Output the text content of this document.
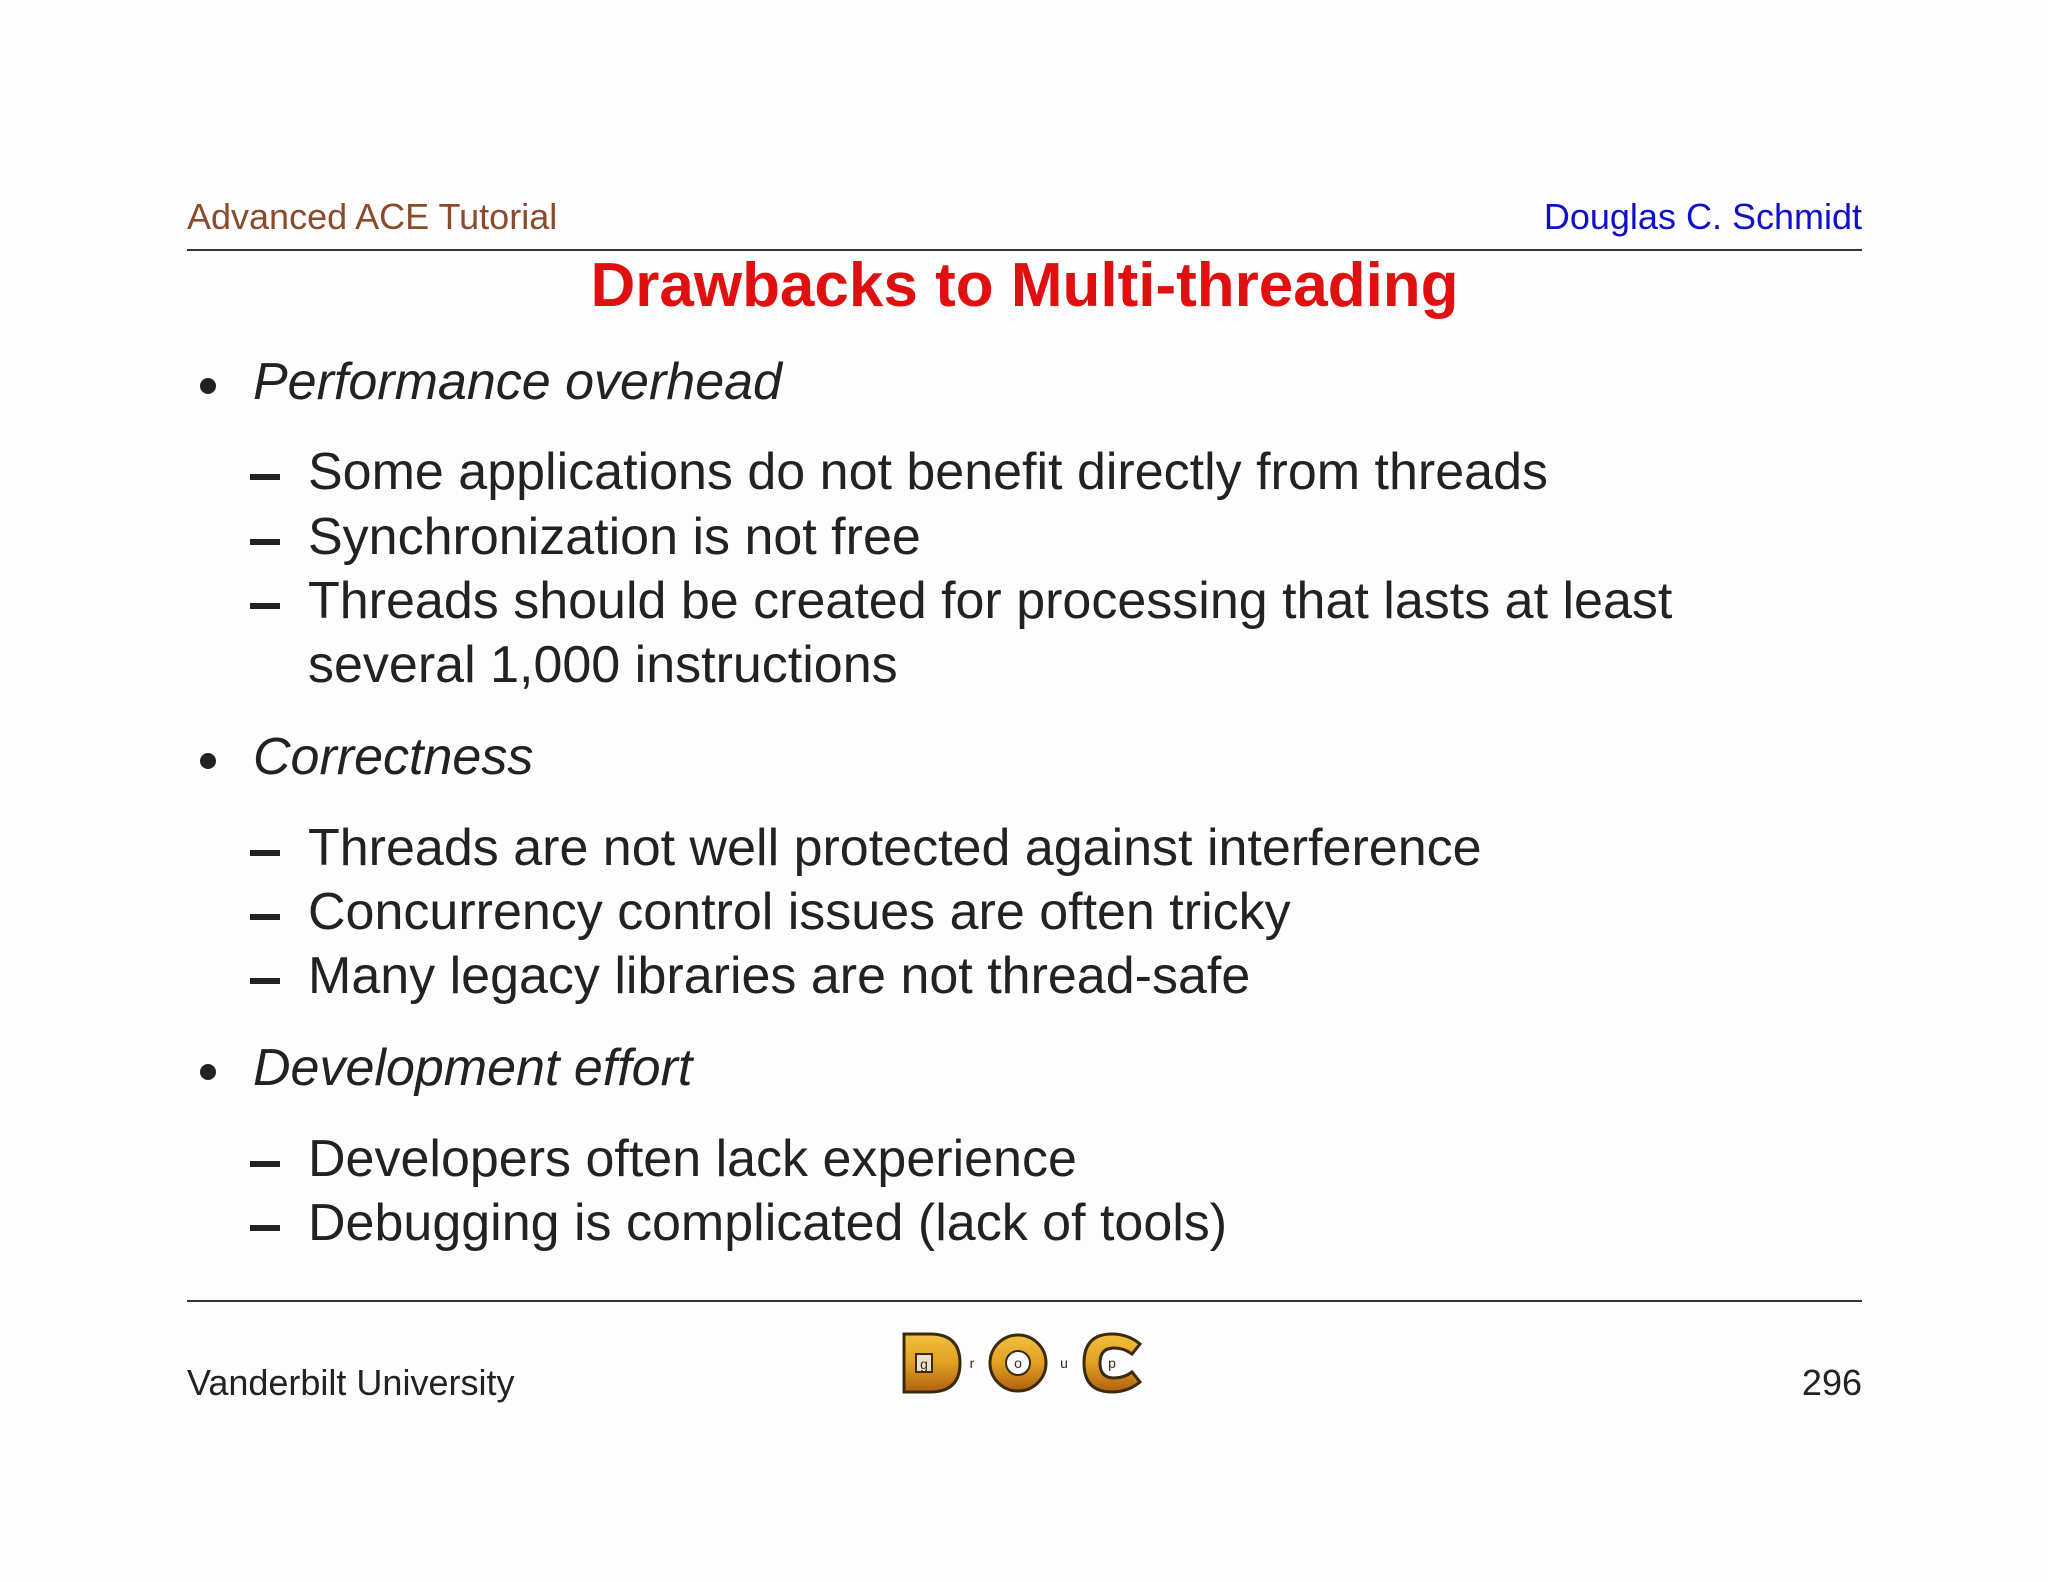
Advanced ACE Tutorial	Douglas C. Schmidt
Drawbacks to Multi-threading
Performance overhead
Some applications do not benefit directly from threads
Synchronization is not free
Threads should be created for processing that lasts at least
several 1,000 instructions
Correctness
Threads are not well protected against interference
Concurrency control issues are often tricky
Many legacy libraries are not thread-safe
Development effort
Developers often lack experience
Debugging is complicated (lack of tools)
Vanderbilt University	296
g	r	o	u	p
